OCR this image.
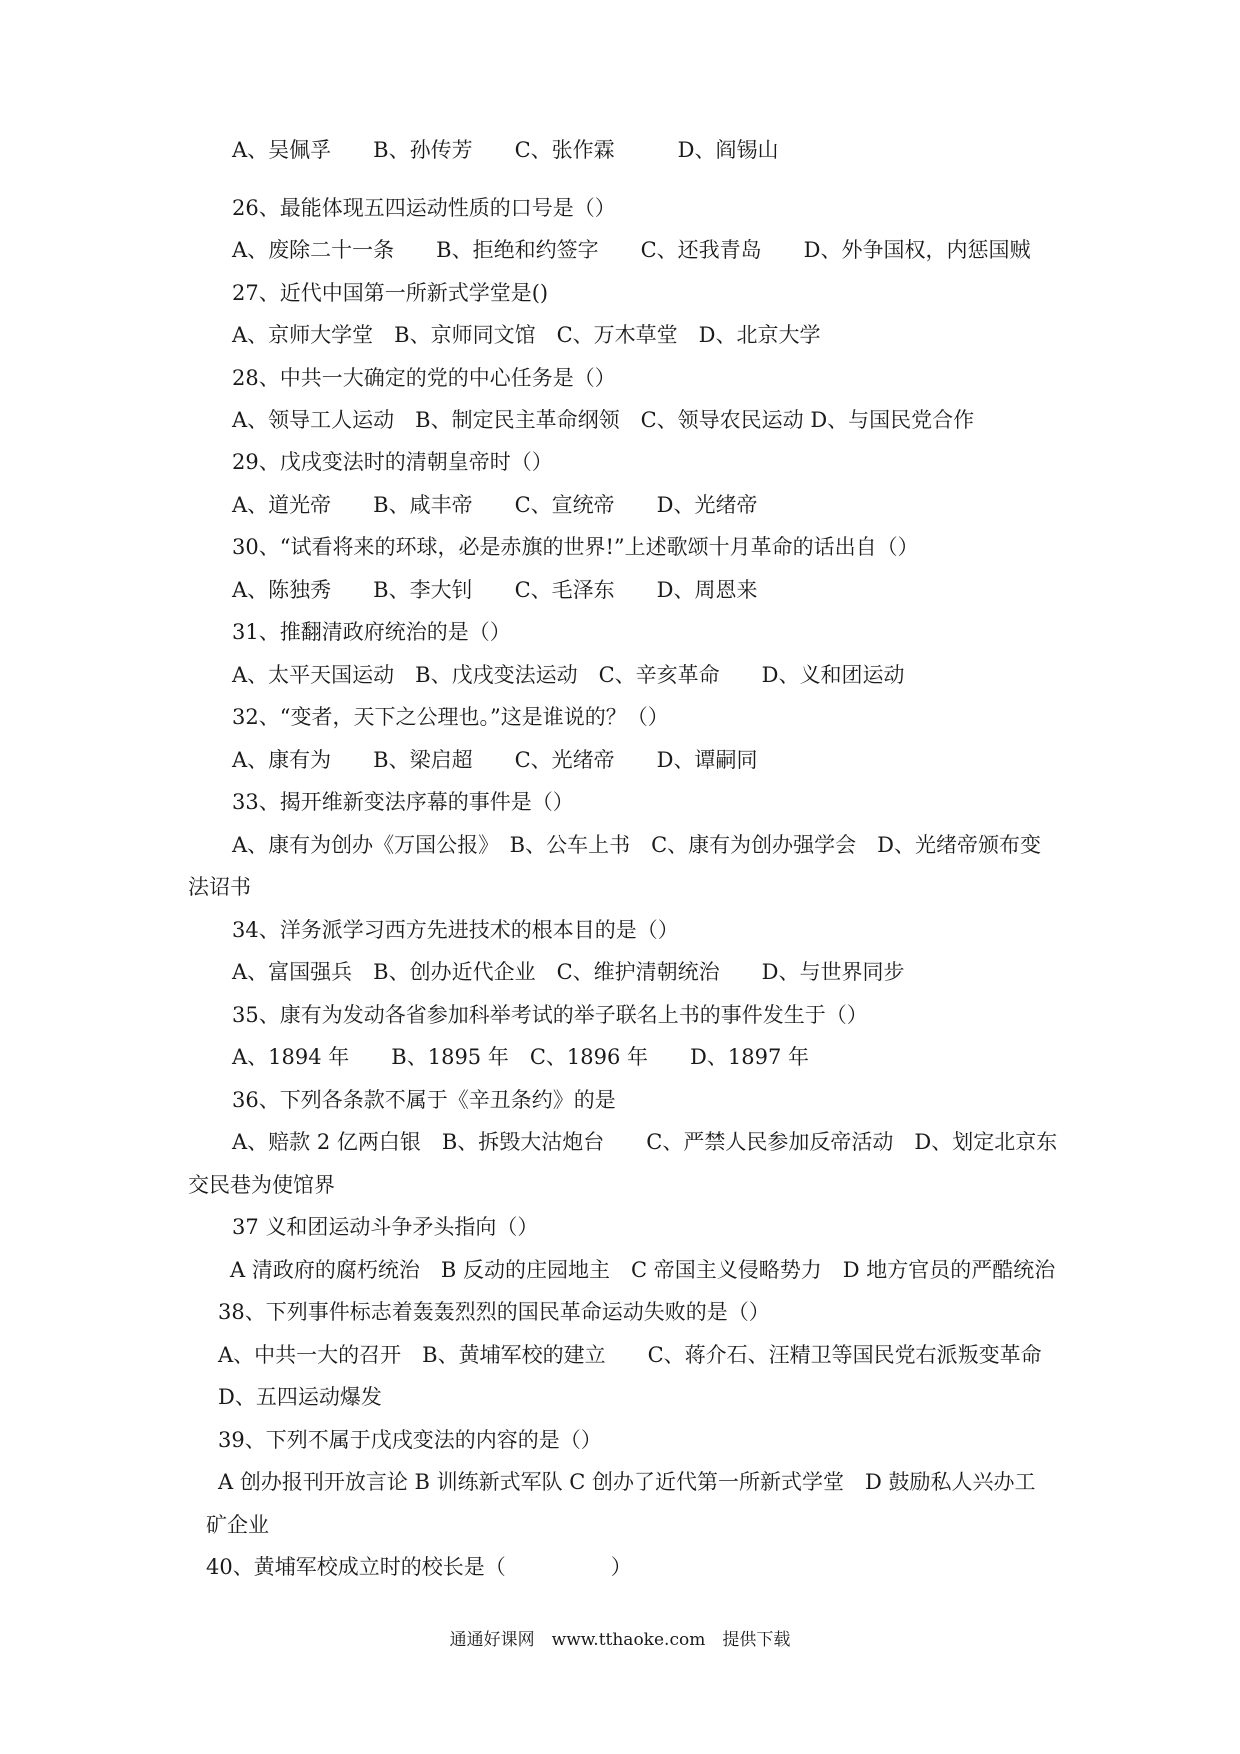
A、吴佩孚　　B、孙传芳　　C、张作霖　　　D、阎锡山
26、最能体现五四运动性质的口号是（）
A、废除二十一条　　B、拒绝和约签字　　C、还我青岛　　D、外争国权，内惩国贼
27、近代中国第一所新式学堂是()
A、京师大学堂　B、京师同文馆　C、万木草堂　D、北京大学
28、中共一大确定的党的中心任务是（）
A、领导工人运动　B、制定民主革命纲领　C、领导农民运动 D、与国民党合作
29、戊戌变法时的清朝皇帝时（）
A、道光帝　　B、咸丰帝　　C、宣统帝　　D、光绪帝
30、“试看将来的环球，必是赤旗的世界!”上述歌颂十月革命的话出自（）
A、陈独秀　　B、李大钊　　C、毛泽东　　D、周恩来
31、推翻清政府统治的是（）
A、太平天国运动　B、戊戌变法运动　C、辛亥革命　　D、义和团运动
32、“变者，天下之公理也。”这是谁说的？（）
A、康有为　　B、梁启超　　C、光绪帝　　D、谭嗣同
33、揭开维新变法序幕的事件是（）
A、康有为创办《万国公报》　B、公车上书　C、康有为创办强学会　D、光绪帝颁布变
法诏书
34、洋务派学习西方先进技术的根本目的是（）
A、富国强兵　B、创办近代企业　C、维护清朝统治　　D、与世界同步
35、康有为发动各省参加科举考试的举子联名上书的事件发生于（）
A、1894 年　　B、1895 年　C、1896 年　　D、1897 年
36、下列各条款不属于《辛丑条约》的是
A、赔款 2 亿两白银　B、拆毁大沽炮台　　C、严禁人民参加反帝活动　D、划定北京东
交民巷为使馆界
37 义和团运动斗争矛头指向（）
A 清政府的腐朽统治　B 反动的庄园地主　C 帝国主义侵略势力　D 地方官员的严酷统治
38、下列事件标志着轰轰烈烈的国民革命运动失败的是（）
A、中共一大的召开　B、黄埔军校的建立　　C、蒋介石、汪精卫等国民党右派叛变革命
D、五四运动爆发
39、下列不属于戊戌变法的内容的是（）
A 创办报刊开放言论 B 训练新式军队 C 创办了近代第一所新式学堂　D 鼓励私人兴办工
矿企业
40、黄埔军校成立时的校长是（　　　　　）
通通好课网　www.tthaoke.com　提供下载
